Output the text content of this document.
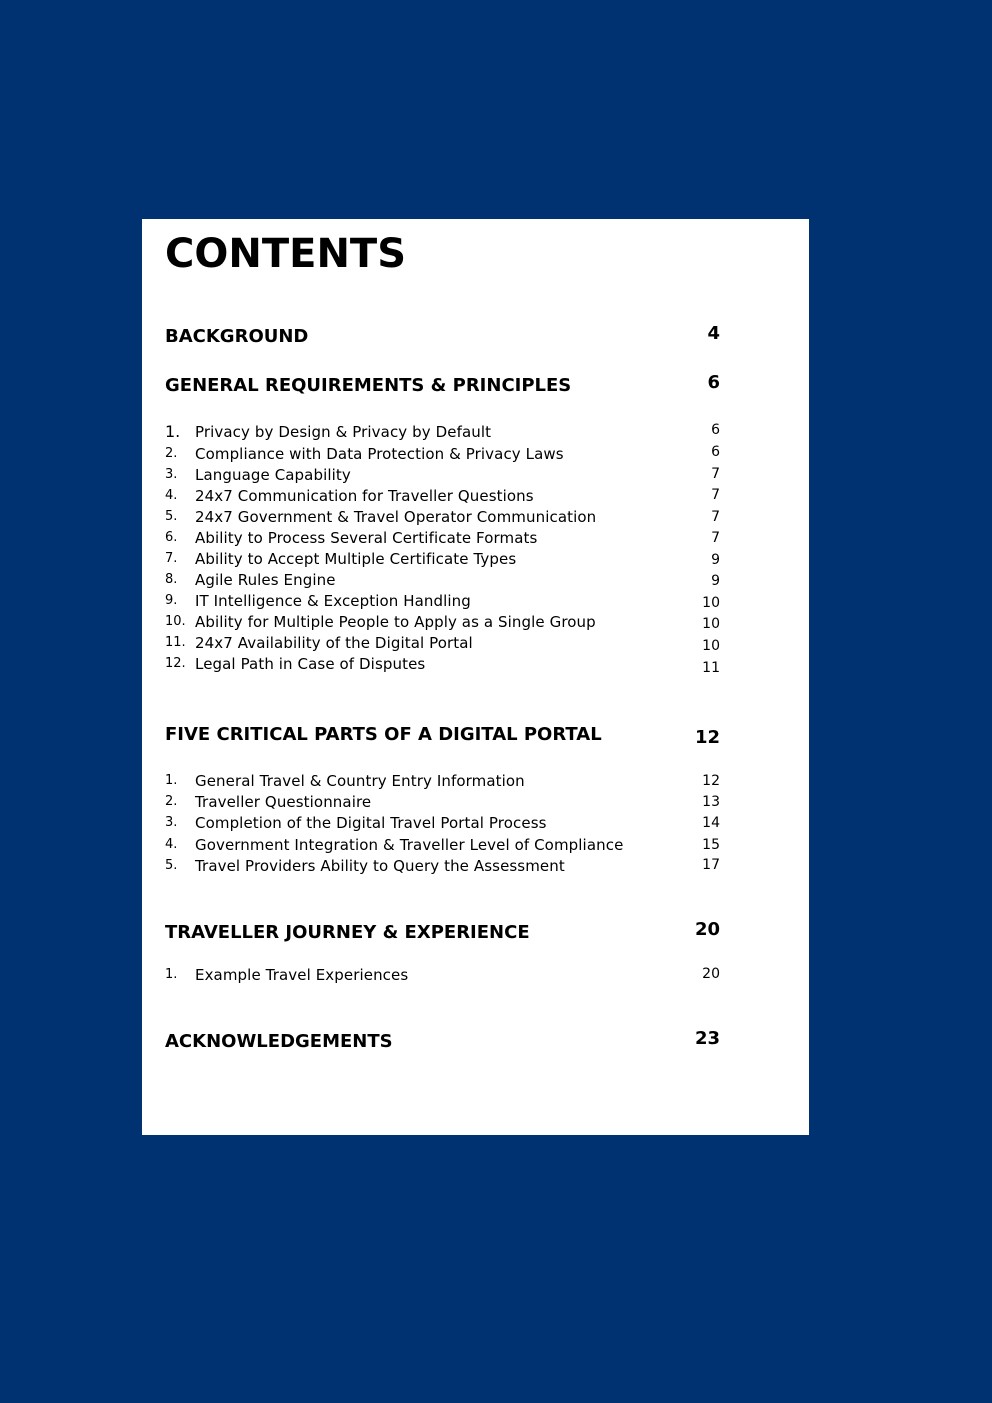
CONTENTS
BACKGROUND	4
GENERAL REQUIREMENTS & PRINCIPLES	6
1. Privacy by Design & Privacy by Default	6
2. Compliance with Data Protection & Privacy Laws	6
3. Language Capability	7
4. 24x7 Communication for Traveller Questions	7
5. 24x7 Government & Travel Operator Communication	7
6. Ability to Process Several Certificate Formats	7
7. Ability to Accept Multiple Certificate Types	9
8. Agile Rules Engine	9
9. IT Intelligence & Exception Handling	10
10. Ability for Multiple People to Apply as a Single Group	10
11. 24x7 Availability of the Digital Portal	10
12. Legal Path in Case of Disputes	11
FIVE CRITICAL PARTS OF A DIGITAL PORTAL	12
1. General Travel & Country Entry Information	12
2. Traveller Questionnaire	13
3. Completion of the Digital Travel Portal Process	14
4. Government Integration & Traveller Level of Compliance	15
5. Travel Providers Ability to Query the Assessment	17
TRAVELLER JOURNEY & EXPERIENCE	20
1. Example Travel Experiences	20
ACKNOWLEDGEMENTS	23
